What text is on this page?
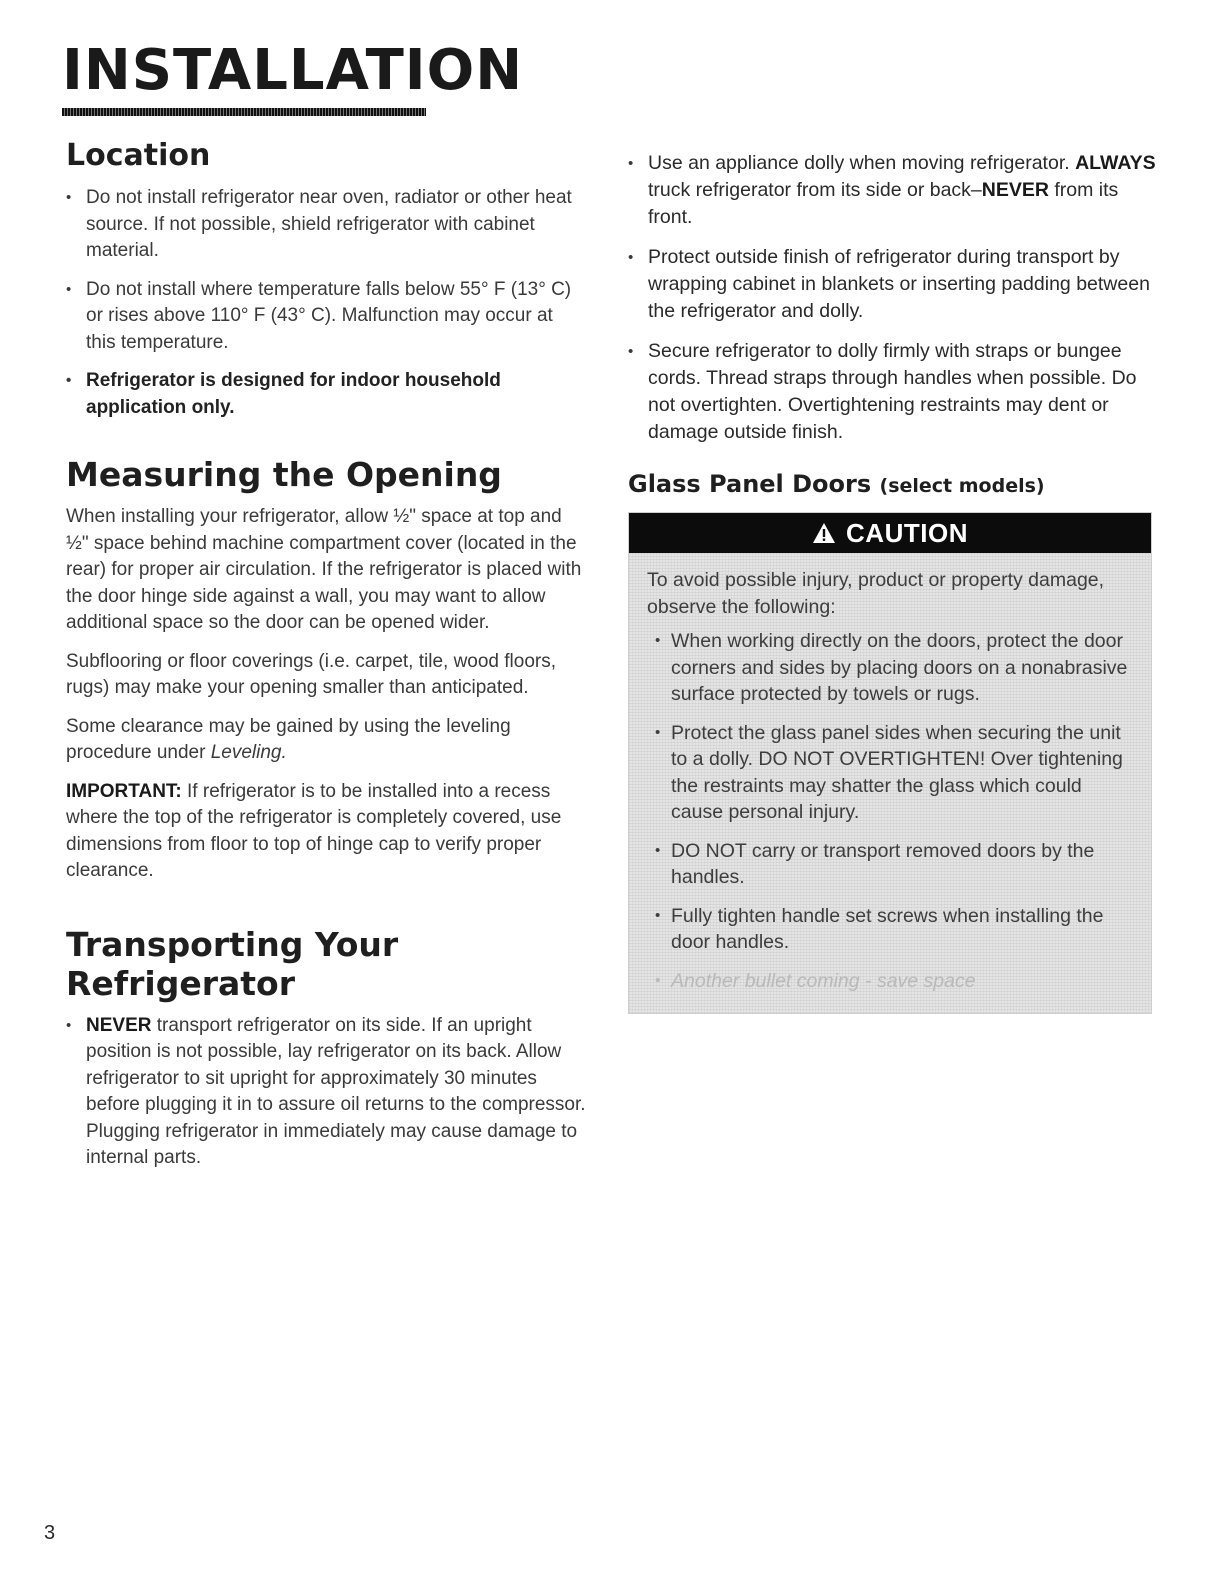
INSTALLATION
Location
• Do not install refrigerator near oven, radiator or other heat source. If not possible, shield refrigerator with cabinet material.
• Do not install where temperature falls below 55° F (13° C) or rises above 110° F (43° C). Malfunction may occur at this temperature.
• Refrigerator is designed for indoor household application only.
Measuring the Opening

When installing your refrigerator, allow ½" space at top and ½" space behind machine compartment cover (located in the rear) for proper air circulation. If the refrigerator is placed with the door hinge side against a wall, you may want to allow additional space so the door can be opened wider.

Subflooring or floor coverings (i.e. carpet, tile, wood floors, rugs) may make your opening smaller than anticipated.

Some clearance may be gained by using the leveling procedure under Leveling.

IMPORTANT: If refrigerator is to be installed into a recess where the top of the refrigerator is completely covered, use dimensions from floor to top of hinge cap to verify proper clearance.

Transporting Your Refrigerator
• NEVER transport refrigerator on its side. If an upright position is not possible, lay refrigerator on its back. Allow refrigerator to sit upright for approximately 30 minutes before plugging it in to assure oil returns to the compressor. Plugging refrigerator in immediately may cause damage to internal parts.
• Use an appliance dolly when moving refrigerator. ALWAYS truck refrigerator from its side or back–NEVER from its front.
• Protect outside finish of refrigerator during transport by wrapping cabinet in blankets or inserting padding between the refrigerator and dolly.
• Secure refrigerator to dolly firmly with straps or bungee cords. Thread straps through handles when possible. Do not overtighten. Overtightening restraints may dent or damage outside finish.
Glass Panel Doors (select models)
CAUTION

To avoid possible injury, product or property damage, observe the following:

• When working directly on the doors, protect the door corners and sides by placing doors on a nonabrasive surface protected by towels or rugs.
• Protect the glass panel sides when securing the unit to a dolly. DO NOT OVERTIGHTEN! Over tightening the restraints may shatter the glass which could cause personal injury.
• DO NOT carry or transport removed doors by the handles.
• Fully tighten handle set screws when installing the door handles.
• Another bullet coming - save space
3
